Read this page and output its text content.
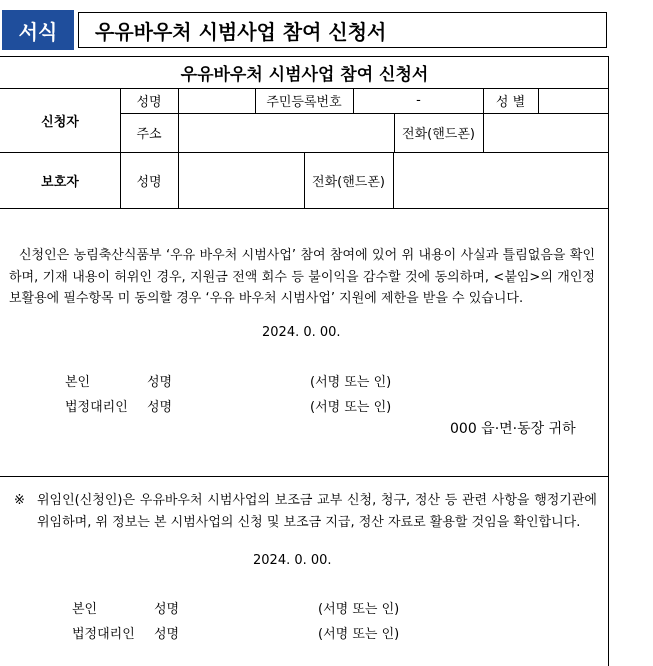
서식	우유바우처 시범사업 참여 신청서
우유바우처 시범사업 참여 신청서
신청자
성명	주민등록번호	-	성 별
주소	전화(핸드폰)
보호자	성명	전화(핸드폰)
신청인은 농림축산식품부 ‘우유 바우처 시범사업’ 참여 참여에 있어 위 내용이 사실과 틀림없음을 확인하며, 기재 내용이 허위인 경우, 지원금 전액 회수 등 불이익을 감수할 것에 동의하며, <붙임>의 개인정보활용에 필수항목 미 동의할 경우 ‘우유 바우처 시범사업’ 지원에 제한을 받을 수 있습니다.
2024. 0. 00.
본인	성명	(서명 또는 인)
법정대리인 성명	(서명 또는 인)
000 읍·면·동장 귀하
※ 위임인(신청인)은 우유바우처 시범사업의 보조금 교부 신청, 청구, 정산 등 관련 사항을 행정기관에 위임하며, 위 정보는 본 시범사업의 신청 및 보조금 지급, 정산 자료로 활용할 것임을 확인합니다.
2024. 0. 00.
본인	성명	(서명 또는 인)
법정대리인 성명	(서명 또는 인)
